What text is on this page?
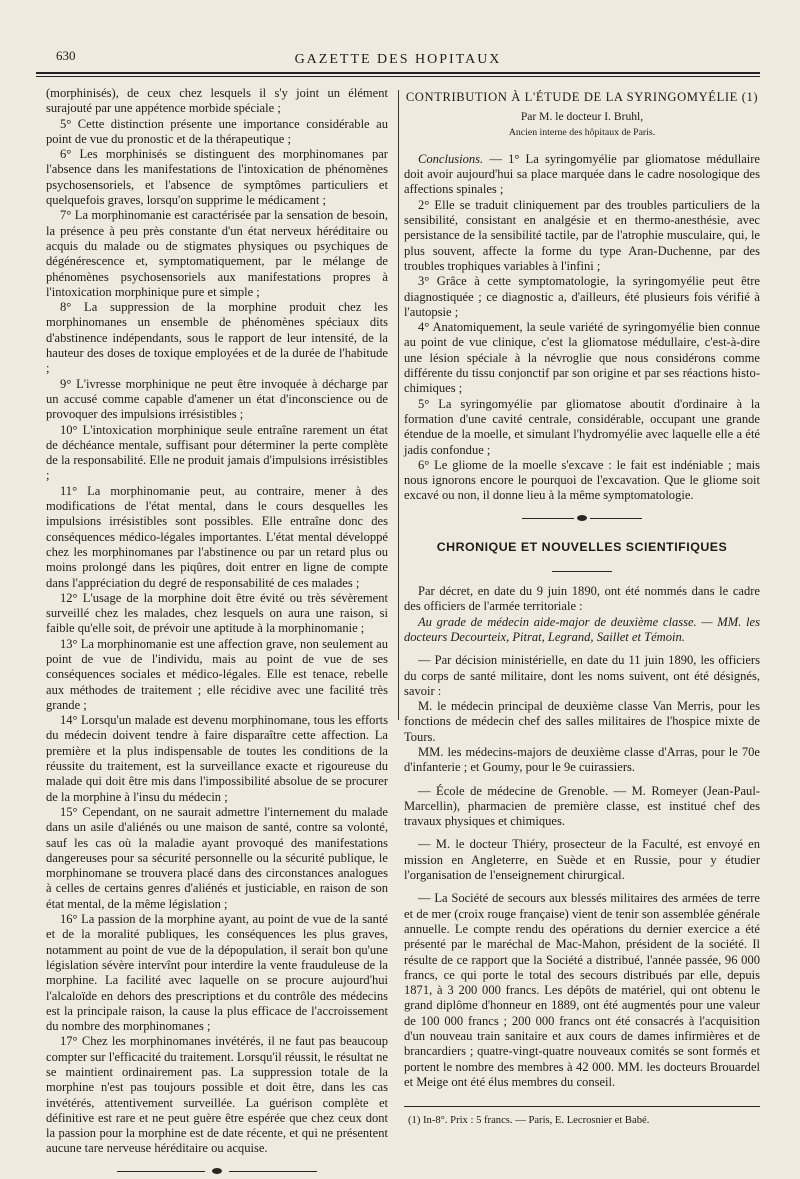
630	GAZETTE DES HOPITAUX

(morphinisés), de ceux chez lesquels il s'y joint un élément surajouté par une appétence morbide spéciale ;

5° Cette distinction présente une importance considérable au point de vue du pronostic et de la thérapeutique ;

6° Les morphinisés se distinguent des morphinomanes par l'absence dans les manifestations de l'intoxication de phénomènes psychosensoriels, et l'absence de symptômes particuliers et quelquefois graves, lorsqu'on supprime le médicament ;

7° La morphinomanie est caractérisée par la sensation de besoin, la présence à peu près constante d'un état nerveux héréditaire ou acquis du malade ou de stigmates physiques ou psychiques de dégénérescence et, symptomatiquement, par le mélange de phénomènes psychosensoriels aux manifestations propres à l'intoxication morphinique pure et simple ;

8° La suppression de la morphine produit chez les morphinomanes un ensemble de phénomènes spéciaux dits d'abstinence indépendants, sous le rapport de leur intensité, de la hauteur des doses de toxique employées et de la durée de l'habitude ;

9° L'ivresse morphinique ne peut être invoquée à décharge par un accusé comme capable d'amener un état d'inconscience ou de provoquer des impulsions irrésistibles ;

10° L'intoxication morphinique seule entraîne rarement un état de déchéance mentale, suffisant pour déterminer la perte complète de la responsabilité. Elle ne produit jamais d'impulsions irrésistibles ;

11° La morphinomanie peut, au contraire, mener à des modifications de l'état mental, dans le cours desquelles les impulsions irrésistibles sont possibles. Elle entraîne donc des conséquences médico-légales importantes. L'état mental développé chez les morphinomanes par l'abstinence ou par un retard plus ou moins prolongé dans les piqûres, doit entrer en ligne de compte dans l'appréciation du degré de responsabilité de ces malades ;

12° L'usage de la morphine doit être évité ou très sévèrement surveillé chez les malades, chez lesquels on aura une raison, si faible qu'elle soit, de prévoir une aptitude à la morphinomanie ;

13° La morphinomanie est une affection grave, non seulement au point de vue de l'individu, mais au point de vue de ses conséquences sociales et médico-légales. Elle est tenace, rebelle aux méthodes de traitement ; elle récidive avec une facilité très grande ;

14° Lorsqu'un malade est devenu morphinomane, tous les efforts du médecin doivent tendre à faire disparaître cette affection. La première et la plus indispensable de toutes les conditions de la réussite du traitement, est la surveillance exacte et rigoureuse du malade qui doit être mis dans l'impossibilité absolue de se procurer de la morphine à l'insu du médecin ;

15° Cependant, on ne saurait admettre l'internement du malade dans un asile d'aliénés ou une maison de santé, contre sa volonté, sauf les cas où la maladie ayant provoqué des manifestations dangereuses pour sa sécurité personnelle ou la sécurité publique, le morphinomane se trouvera placé dans des circonstances analogues à celles de certains genres d'aliénés et justiciable, en raison de son état mental, de la même législation ;

16° La passion de la morphine ayant, au point de vue de la santé et de la moralité publiques, les conséquences les plus graves, notamment au point de vue de la dépopulation, il serait bon qu'une législation sévère intervînt pour interdire la vente frauduleuse de la morphine. La facilité avec laquelle on se procure aujourd'hui l'alcaloïde en dehors des prescriptions et du contrôle des médecins est la principale raison, la cause la plus efficace de l'accroissement du nombre des morphinomanes ;

17° Chez les morphinomanes invétérés, il ne faut pas beaucoup compter sur l'efficacité du traitement. Lorsqu'il réussit, le résultat ne se maintient ordinairement pas. La suppression totale de la morphine n'est pas toujours possible et doit être, dans les cas invétérés, attentivement surveillée. La guérison complète et définitive est rare et ne peut guère être espérée que chez ceux dont la passion pour la morphine est de date récente, et qui ne présentent aucune tare nerveuse héréditaire ou acquise.

CONTRIBUTION À L'ÉTUDE DE LA SYRINGOMYÉLIE (1)
Par M. le docteur I. Bruhl,
Ancien interne des hôpitaux de Paris.

Conclusions. — 1° La syringomyélie par gliomatose médullaire doit avoir aujourd'hui sa place marquée dans le cadre nosologique des affections spinales ;

2° Elle se traduit cliniquement par des troubles particuliers de la sensibilité, consistant en analgésie et en thermo-anesthésie, avec persistance de la sensibilité tactile, par de l'atrophie musculaire, qui, le plus souvent, affecte la forme du type Aran-Duchenne, par des troubles trophiques variables à l'infini ;

3° Grâce à cette symptomatologie, la syringomyélie peut être diagnostiquée ; ce diagnostic a, d'ailleurs, été plusieurs fois vérifié à l'autopsie ;

4° Anatomiquement, la seule variété de syringomyélie bien connue au point de vue clinique, c'est la gliomatose médullaire, c'est-à-dire une lésion spéciale à la névroglie que nous considérons comme différente du tissu conjonctif par son origine et par ses réactions histo-chimiques ;

5° La syringomyélie par gliomatose aboutit d'ordinaire à la formation d'une cavité centrale, considérable, occupant une grande étendue de la moelle, et simulant l'hydromyélie avec laquelle elle a été jadis confondue ;

6° Le gliome de la moelle s'excave : le fait est indéniable ; mais nous ignorons encore le pourquoi de l'excavation. Que le gliome soit excavé ou non, il donne lieu à la même symptomatologie.

CHRONIQUE ET NOUVELLES SCIENTIFIQUES

Par décret, en date du 9 juin 1890, ont été nommés dans le cadre des officiers de l'armée territoriale :

Au grade de médecin aide-major de deuxième classe. — MM. les docteurs Decourteix, Pitrat, Legrand, Saillet et Témoin.

— Par décision ministérielle, en date du 11 juin 1890, les officiers du corps de santé militaire, dont les noms suivent, ont été désignés, savoir :

M. le médecin principal de deuxième classe Van Merris, pour les fonctions de médecin chef des salles militaires de l'hospice mixte de Tours.

MM. les médecins-majors de deuxième classe d'Arras, pour le 70e d'infanterie ; et Goumy, pour le 9e cuirassiers.

— École de médecine de Grenoble. — M. Romeyer (Jean-Paul-Marcellin), pharmacien de première classe, est institué chef des travaux physiques et chimiques.

— M. le docteur Thiéry, prosecteur de la Faculté, est envoyé en mission en Angleterre, en Suède et en Russie, pour y étudier l'organisation de l'enseignement chirurgical.

— La Société de secours aux blessés militaires des armées de terre et de mer (croix rouge française) vient de tenir son assemblée générale annuelle. Le compte rendu des opérations du dernier exercice a été présenté par le maréchal de Mac-Mahon, président de la société. Il résulte de ce rapport que la Société a distribué, l'année passée, 96 000 francs, ce qui porte le total des secours distribués par elle, depuis 1871, à 3 200 000 francs. Les dépôts de matériel, qui ont obtenu le grand diplôme d'honneur en 1889, ont été augmentés pour une valeur de 100 000 francs ; 200 000 francs ont été consacrés à l'acquisition d'un nouveau train sanitaire et aux cours de dames infirmières et de brancardiers ; quatre-vingt-quatre nouveaux comités se sont formés et portent le nombre des membres à 42 000. MM. les docteurs Brouardel et Meige ont été élus membres du conseil.

(1) In-8°. Prix : 5 francs. — Paris, E. Lecrosnier et Babé.
